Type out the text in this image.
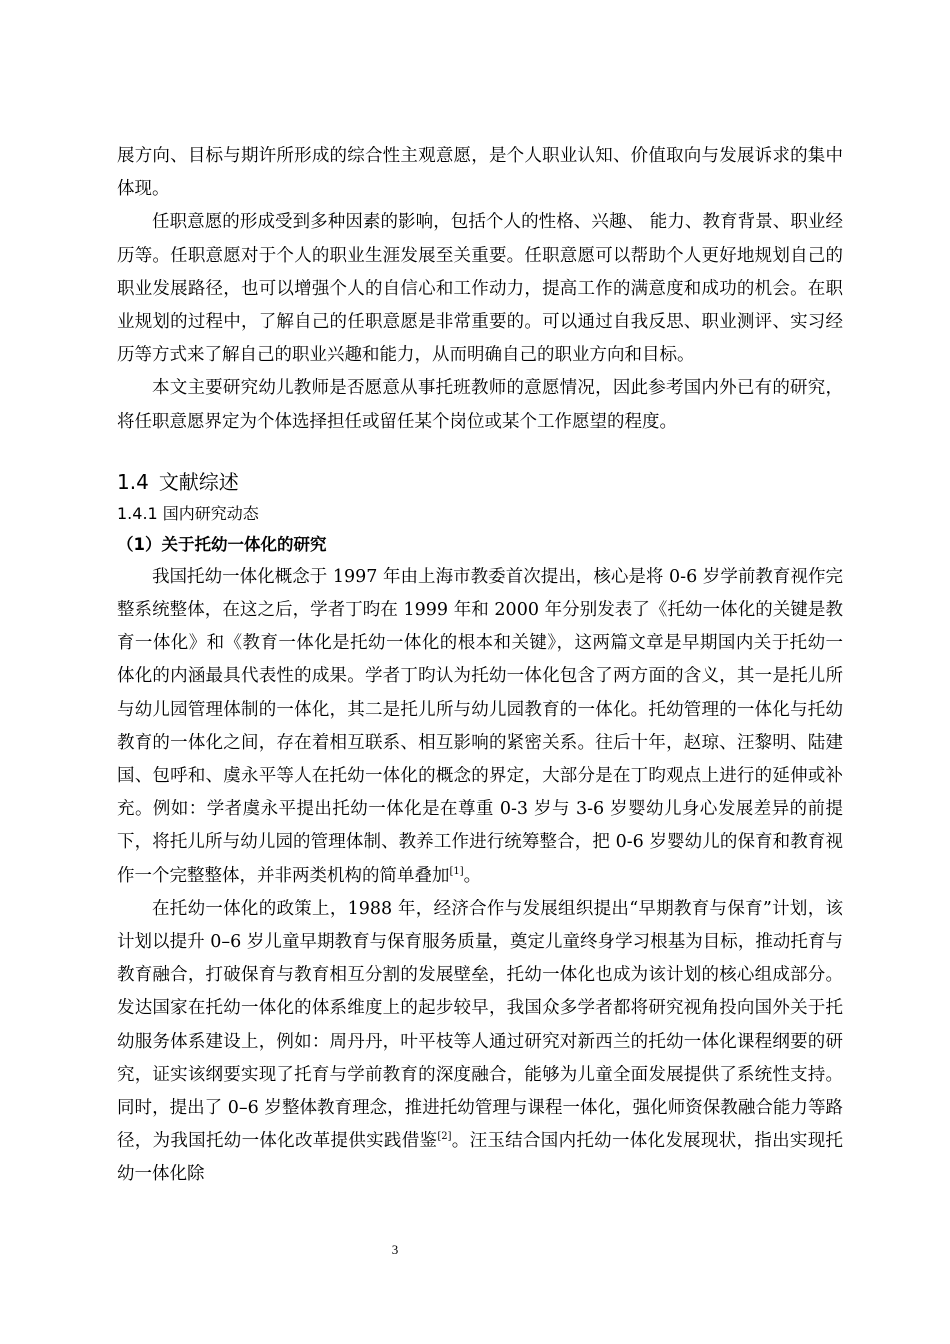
展方向、目标与期许所形成的综合性主观意愿，是个人职业认知、价值取向与发展诉求的集中体现。

任职意愿的形成受到多种因素的影响，包括个人的性格、兴趣、 能力、教育背景、职业经历等。任职意愿对于个人的职业生涯发展至关重要。任职意愿可以帮助个人更好地规划自己的职业发展路径，也可以增强个人的自信心和工作动力，提高工作的满意度和成功的机会。在职业规划的过程中，了解自己的任职意愿是非常重要的。可以通过自我反思、职业测评、实习经历等方式来了解自己的职业兴趣和能力，从而明确自己的职业方向和目标。

本文主要研究幼儿教师是否愿意从事托班教师的意愿情况，因此参考国内外已有的研究，将任职意愿界定为个体选择担任或留任某个岗位或某个工作愿望的程度。

1.4 文献综述
1.4.1 国内研究动态
（1）关于托幼一体化的研究

我国托幼一体化概念于 1997 年由上海市教委首次提出，核心是将 0-6 岁学前教育视作完整系统整体，在这之后，学者丁昀在 1999 年和 2000 年分别发表了《托幼一体化的关键是教育一体化》和《教育一体化是托幼一体化的根本和关键》，这两篇文章是早期国内关于托幼一体化的内涵最具代表性的成果。学者丁昀认为托幼一体化包含了两方面的含义，其一是托儿所与幼儿园管理体制的一体化，其二是托儿所与幼儿园教育的一体化。托幼管理的一体化与托幼教育的一体化之间，存在着相互联系、相互影响的紧密关系。往后十年，赵琼、汪黎明、陆建国、包呼和、虞永平等人在托幼一体化的概念的界定，大部分是在丁昀观点上进行的延伸或补充。例如：学者虞永平提出托幼一体化是在尊重 0-3 岁与 3-6 岁婴幼儿身心发展差异的前提下，将托儿所与幼儿园的管理体制、教养工作进行统筹整合，把 0-6 岁婴幼儿的保育和教育视作一个完整整体，并非两类机构的简单叠加[1]。

在托幼一体化的政策上，1988 年，经济合作与发展组织提出“早期教育与保育”计划，该计划以提升 0–6 岁儿童早期教育与保育服务质量，奠定儿童终身学习根基为目标，推动托育与教育融合，打破保育与教育相互分割的发展壁垒，托幼一体化也成为该计划的核心组成部分。发达国家在托幼一体化的体系维度上的起步较早，我国众多学者都将研究视角投向国外关于托幼服务体系建设上，例如：周丹丹，叶平枝等人通过研究对新西兰的托幼一体化课程纲要的研究，证实该纲要实现了托育与学前教育的深度融合，能够为儿童全面发展提供了系统性支持。同时，提出了 0–6 岁整体教育理念，推进托幼管理与课程一体化，强化师资保教融合能力等路径，为我国托幼一体化改革提供实践借鉴[2]。汪玉结合国内托幼一体化发展现状，指出实现托幼一体化除

3
